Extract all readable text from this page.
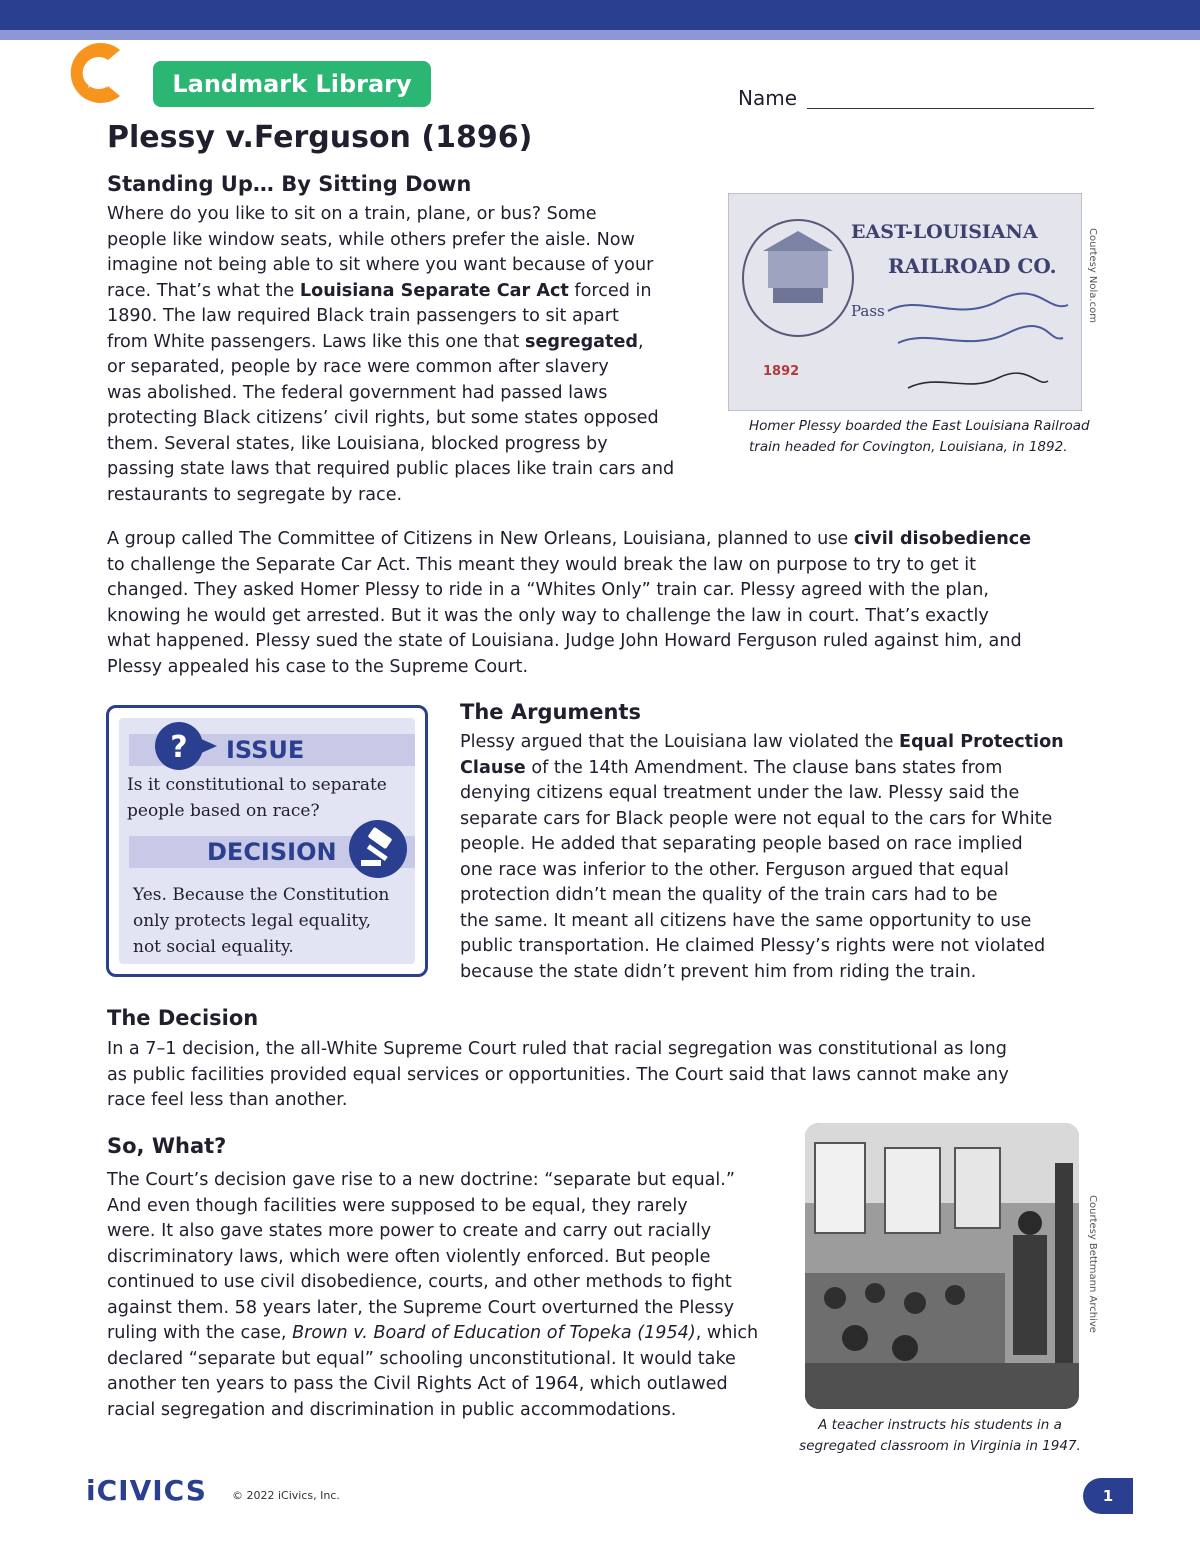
Landmark Library	Name
Plessy v.Ferguson (1896)
Standing Up… By Sitting Down
Where do you like to sit on a train, plane, or bus? Some
people like window seats, while others prefer the aisle. Now
imagine not being able to sit where you want because of your
race. That’s what the Louisiana Separate Car Act forced in
1890. The law required Black train passengers to sit apart
from White passengers. Laws like this one that segregated,
or separated, people by race were common after slavery
was abolished. The federal government had passed laws
protecting Black citizens’ civil rights, but some states opposed
them. Several states, like Louisiana, blocked progress by
passing state laws that required public places like train cars and
restaurants to segregate by race.
EAST-LOUISIANA
RAILROAD CO.
Pass
1892
Courtesy Nola.com
Homer Plessy boarded the East Louisiana Railroad
train headed for Covington, Louisiana, in 1892.
A group called The Committee of Citizens in New Orleans, Louisiana, planned to use civil disobedience
to challenge the Separate Car Act. This meant they would break the law on purpose to try to get it
changed. They asked Homer Plessy to ride in a “Whites Only” train car. Plessy agreed with the plan,
knowing he would get arrested. But it was the only way to challenge the law in court. That’s exactly
what happened. Plessy sued the state of Louisiana. Judge John Howard Ferguson ruled against him, and
Plessy appealed his case to the Supreme Court.
? ISSUE
Is it constitutional to separate
people based on race?
DECISION
Yes. Because the Constitution
only protects legal equality,
not social equality.
The Arguments
Plessy argued that the Louisiana law violated the Equal Protection
Clause of the 14th Amendment. The clause bans states from
denying citizens equal treatment under the law. Plessy said the
separate cars for Black people were not equal to the cars for White
people. He added that separating people based on race implied
one race was inferior to the other. Ferguson argued that equal
protection didn’t mean the quality of the train cars had to be
the same. It meant all citizens have the same opportunity to use
public transportation. He claimed Plessy’s rights were not violated
because the state didn’t prevent him from riding the train.
The Decision
In a 7–1 decision, the all-White Supreme Court ruled that racial segregation was constitutional as long
as public facilities provided equal services or opportunities. The Court said that laws cannot make any
race feel less than another.
So, What?
The Court’s decision gave rise to a new doctrine: “separate but equal.”
And even though facilities were supposed to be equal, they rarely
were. It also gave states more power to create and carry out racially
discriminatory laws, which were often violently enforced. But people
continued to use civil disobedience, courts, and other methods to fight
against them. 58 years later, the Supreme Court overturned the Plessy
ruling with the case, Brown v. Board of Education of Topeka (1954), which
declared “separate but equal” schooling unconstitutional. It would take
another ten years to pass the Civil Rights Act of 1964, which outlawed
racial segregation and discrimination in public accommodations.
Courtesy Bettmann Archive
A teacher instructs his students in a
segregated classroom in Virginia in 1947.
iCIVICS © 2022 iCivics, Inc.	1
